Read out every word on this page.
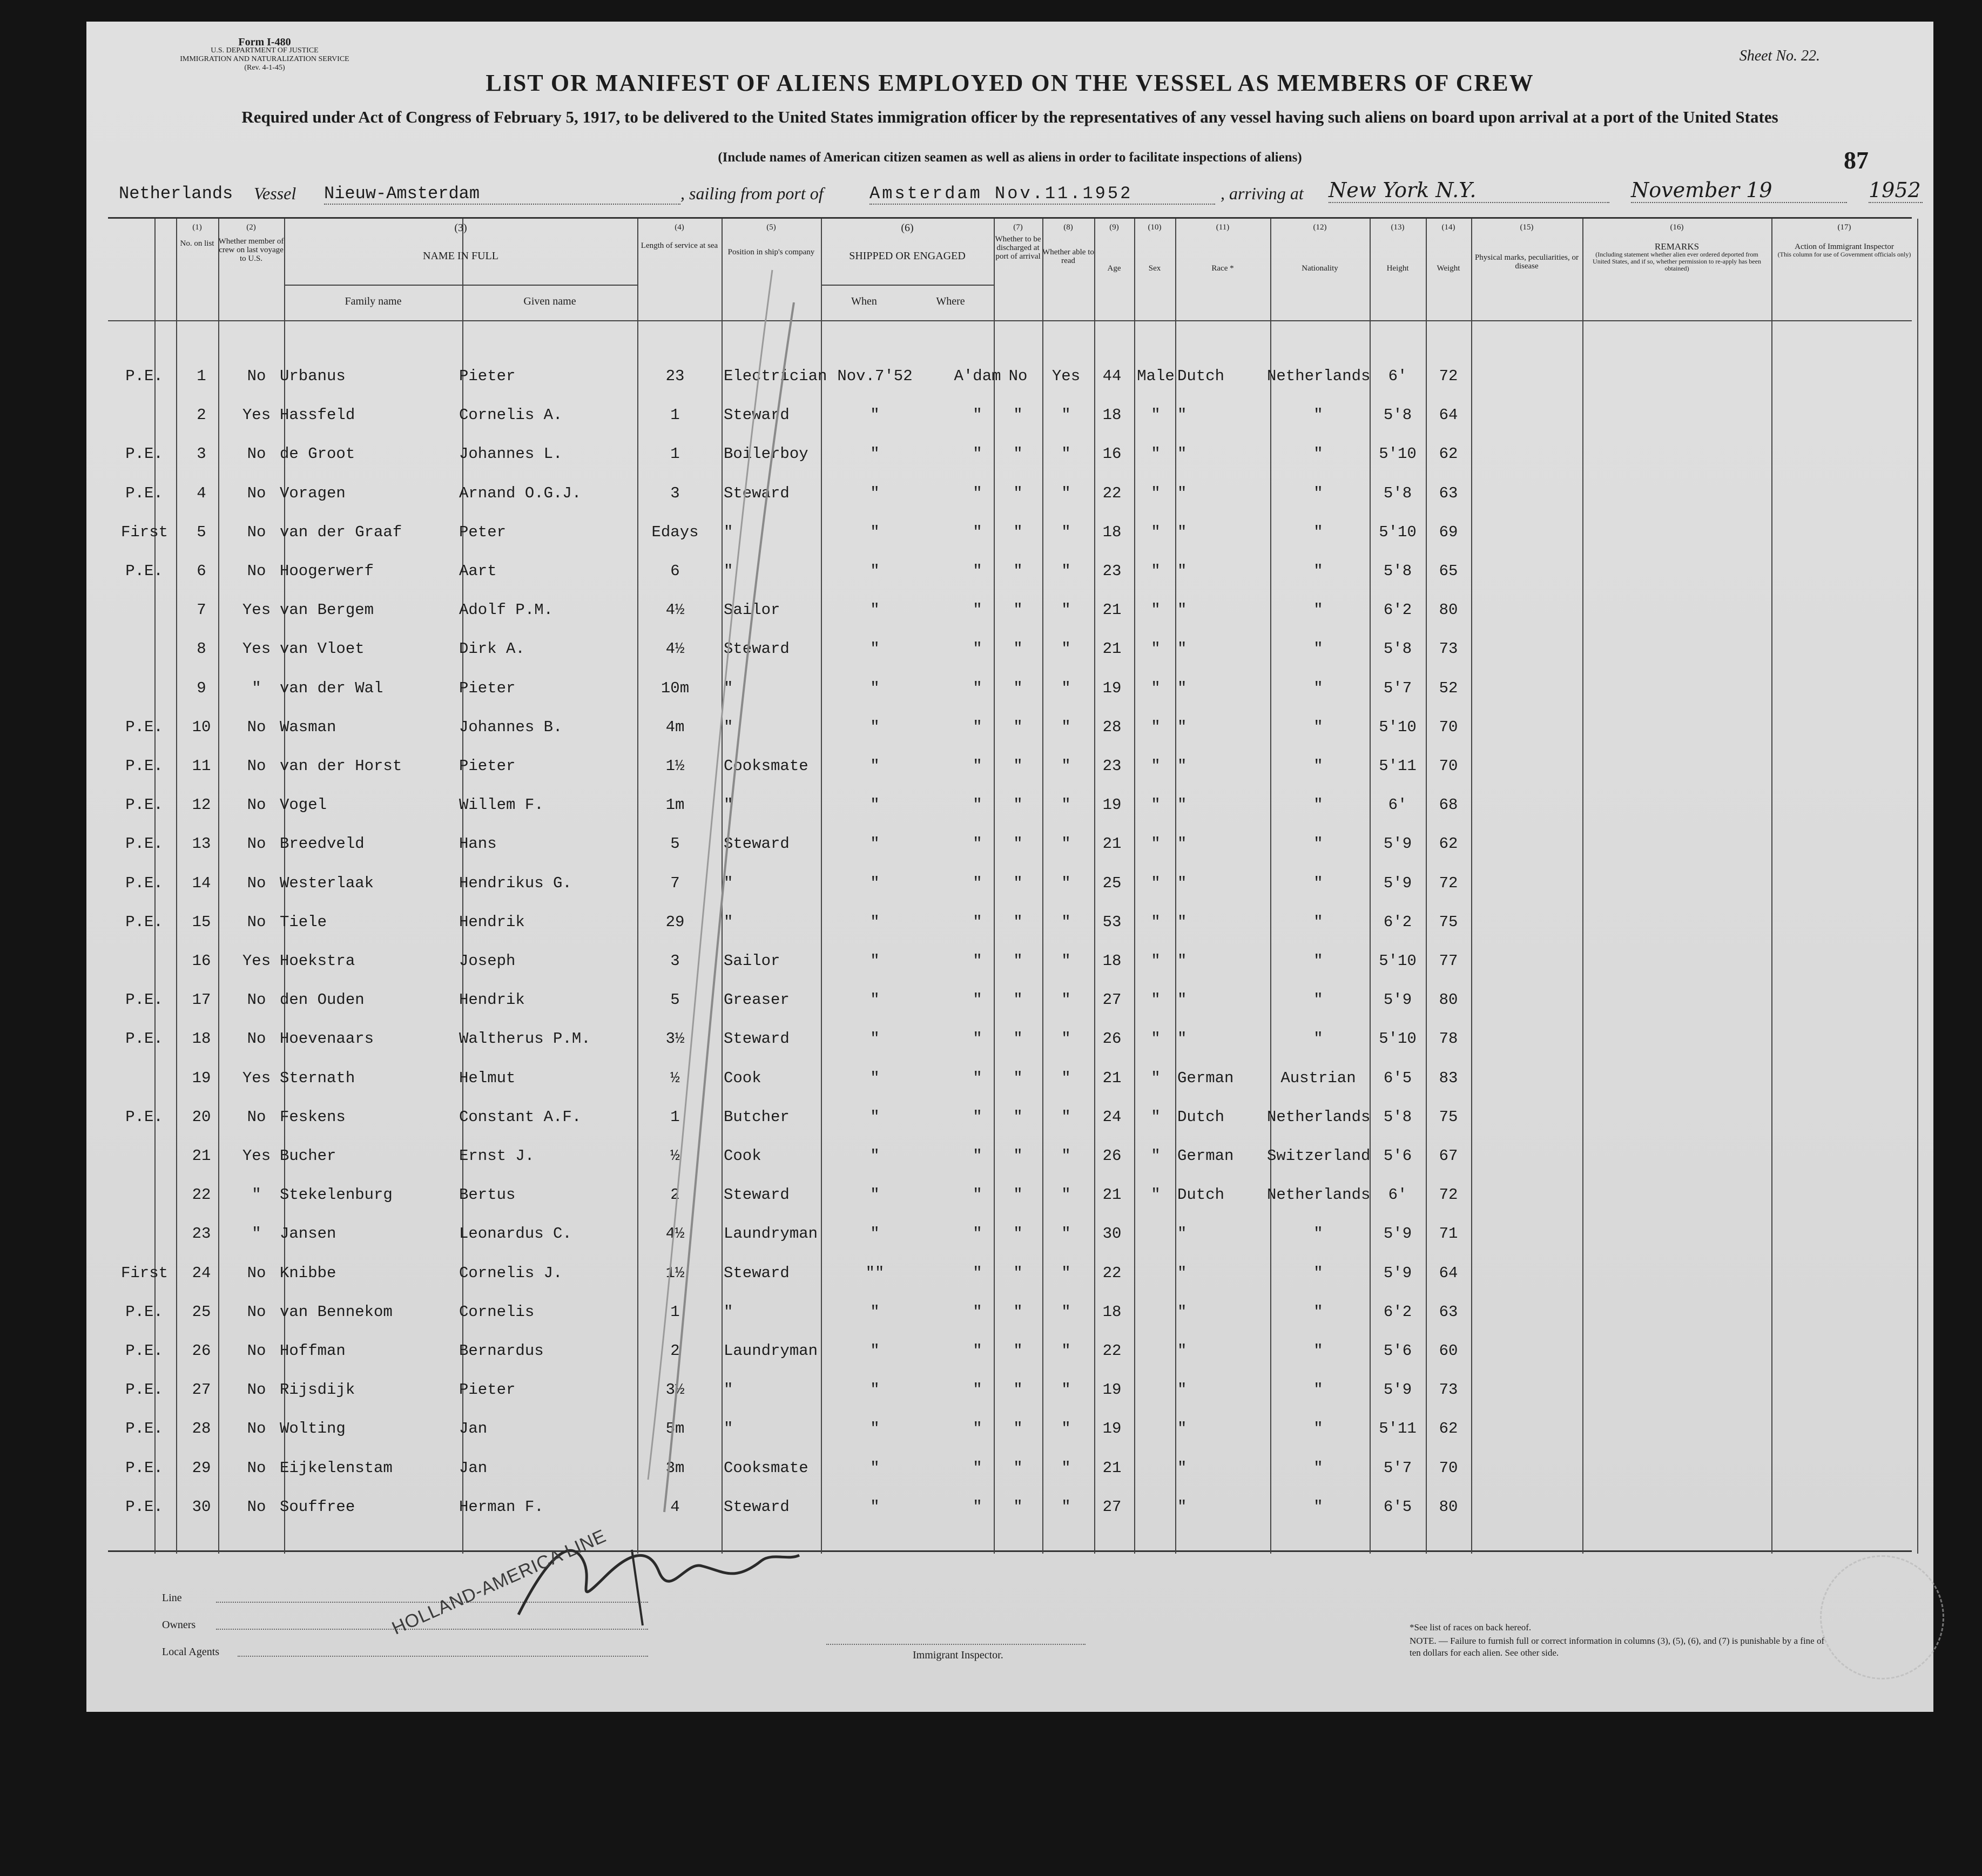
Form I-480
U.S. DEPARTMENT OF JUSTICE
IMMIGRATION AND NATURALIZATION SERVICE
(Rev. 4-1-45)
Sheet No. 22.
LIST OR MANIFEST OF ALIENS EMPLOYED ON THE VESSEL AS MEMBERS OF CREW
Required under Act of Congress of February 5, 1917, to be delivered to the United States immigration officer by the representatives of any vessel having such aliens on board upon arrival at a port of the United States
(Include names of American citizen seamen as well as aliens in order to facilitate inspections of aliens)	87
Netherlands Vessel Nieuw-Amsterdam	, sailing from port of	Amsterdam Nov.11.1952	, arriving at New York N.Y.	November 19	1952
(1)
No. on list
(2)
Whether member of crew on last voyage to U.S.
(3)
NAME IN FULL
Family name	Given name
(4)
Length of service at sea
(5)
Position in ship's company
(6)
SHIPPED OR ENGAGED
When	Where
(7)
Whether to be discharged at port of arrival
(8)
Whether able to read
(9)
Age
(10)
Sex
(11)
Race *
(12)
Nationality
(13)
Height
(14)
Weight
(15)
Physical marks, peculiarities, or disease
(16)
REMARKS
(Including statement whether alien ever ordered deported from United States, and if so, whether permission to re-apply has been obtained)
(17)
Action of Immigrant Inspector
(This column for use of Government officials only)
P.E.	1	No Urbanus	Pieter	23	Electrician Nov.7'52	A'dam No	Yes	44 Male Dutch	Netherlands	6'	72
2	Yes Hassfeld	Cornelis A.	1	Steward	"	"	"	"	18	"	"	"	5'8	64
P.E.	3	No de Groot	Johannes L.	1	Boilerboy	"	"	"	"	16	"	"	"	5'10	62
P.E.	4	No Voragen	Arnand O.G.J.	3	Steward	"	"	"	"	22	"	"	"	5'8	63
First	5	No van der Graaf	Peter	Edays	"	"	"	"	"	18	"	"	"	5'10	69
P.E.	6	No Hoogerwerf	Aart	6	"	"	"	"	"	23	"	"	"	5'8	65
7	Yes van Bergem	Adolf P.M.	4½	Sailor	"	"	"	"	21	"	"	"	6'2	80
8	Yes van Vloet	Dirk A.	4½	Steward	"	"	"	"	21	"	"	"	5'8	73
9	"	van der Wal	Pieter	10m	"	"	"	"	"	19	"	"	"	5'7	52
P.E.	10	No Wasman	Johannes B.	4m	"	"	"	"	"	28	"	"	"	5'10	70
P.E.	11	No van der Horst	Pieter	1½	Cooksmate	"	"	"	"	23	"	"	"	5'11	70
P.E.	12	No Vogel	Willem F.	1m	"	"	"	"	"	19	"	"	"	6'	68
P.E.	13	No Breedveld	Hans	5	Steward	"	"	"	"	21	"	"	"	5'9	62
P.E.	14	No Westerlaak	Hendrikus G.	7	"	"	"	"	"	25	"	"	"	5'9	72
P.E.	15	No Tiele	Hendrik	29	"	"	"	"	"	53	"	"	"	6'2	75
16	Yes Hoekstra	Joseph	3	Sailor	"	"	"	"	18	"	"	"	5'10	77
P.E.	17	No den Ouden	Hendrik	5	Greaser	"	"	"	"	27	"	"	"	5'9	80
P.E.	18	No Hoevenaars	Waltherus P.M.	3½	Steward	"	"	"	"	26	"	"	"	5'10	78
19	Yes Sternath	Helmut	½	Cook	"	"	"	"	21	"	German	Austrian	6'5	83
P.E.	20	No Feskens	Constant A.F.	1	Butcher	"	"	"	"	24	"	Dutch	Netherlands 5'8	75
21	Yes Bucher	Ernst J.	½	Cook	"	"	"	"	26	"	German	Switzerland 5'6	67
22	"	Stekelenburg	Bertus	2	Steward	"	"	"	"	21	"	Dutch	Netherlands	6'	72
23	"	Jansen	Leonardus C.	4½	Laundryman	"	"	"	"	30	"	"	5'9	71
First	24	No Knibbe	Cornelis J.	1½	Steward	""	"	"	"	22	"	"	5'9	64
P.E.	25	No van Bennekom	Cornelis	1	"	"	"	"	"	18	"	"	6'2	63
P.E.	26	No Hoffman	Bernardus	2	Laundryman	"	"	"	"	22	"	"	5'6	60
P.E.	27	No Rijsdijk	Pieter	3½	"	"	"	"	"	19	"	"	5'9	73
P.E.	28	No Wolting	Jan	5m	"	"	"	"	"	19	"	"	5'11	62
P.E.	29	No Eijkelenstam	Jan	3m	Cooksmate	"	"	"	"	21	"	"	5'7	70
P.E.	30	No Souffree	Herman F.	4	Steward	"	"	"	"	27	"	"	6'5	80
Line
Owners
Local Agents	Immigrant Inspector.
*See list of races on back hereof.
NOTE. — Failure to furnish full or correct information in columns (3), (5), (6), and (7) is punishable by a fine of ten dollars for each alien. See other side.
HOLLAND-AMERICA LINE
